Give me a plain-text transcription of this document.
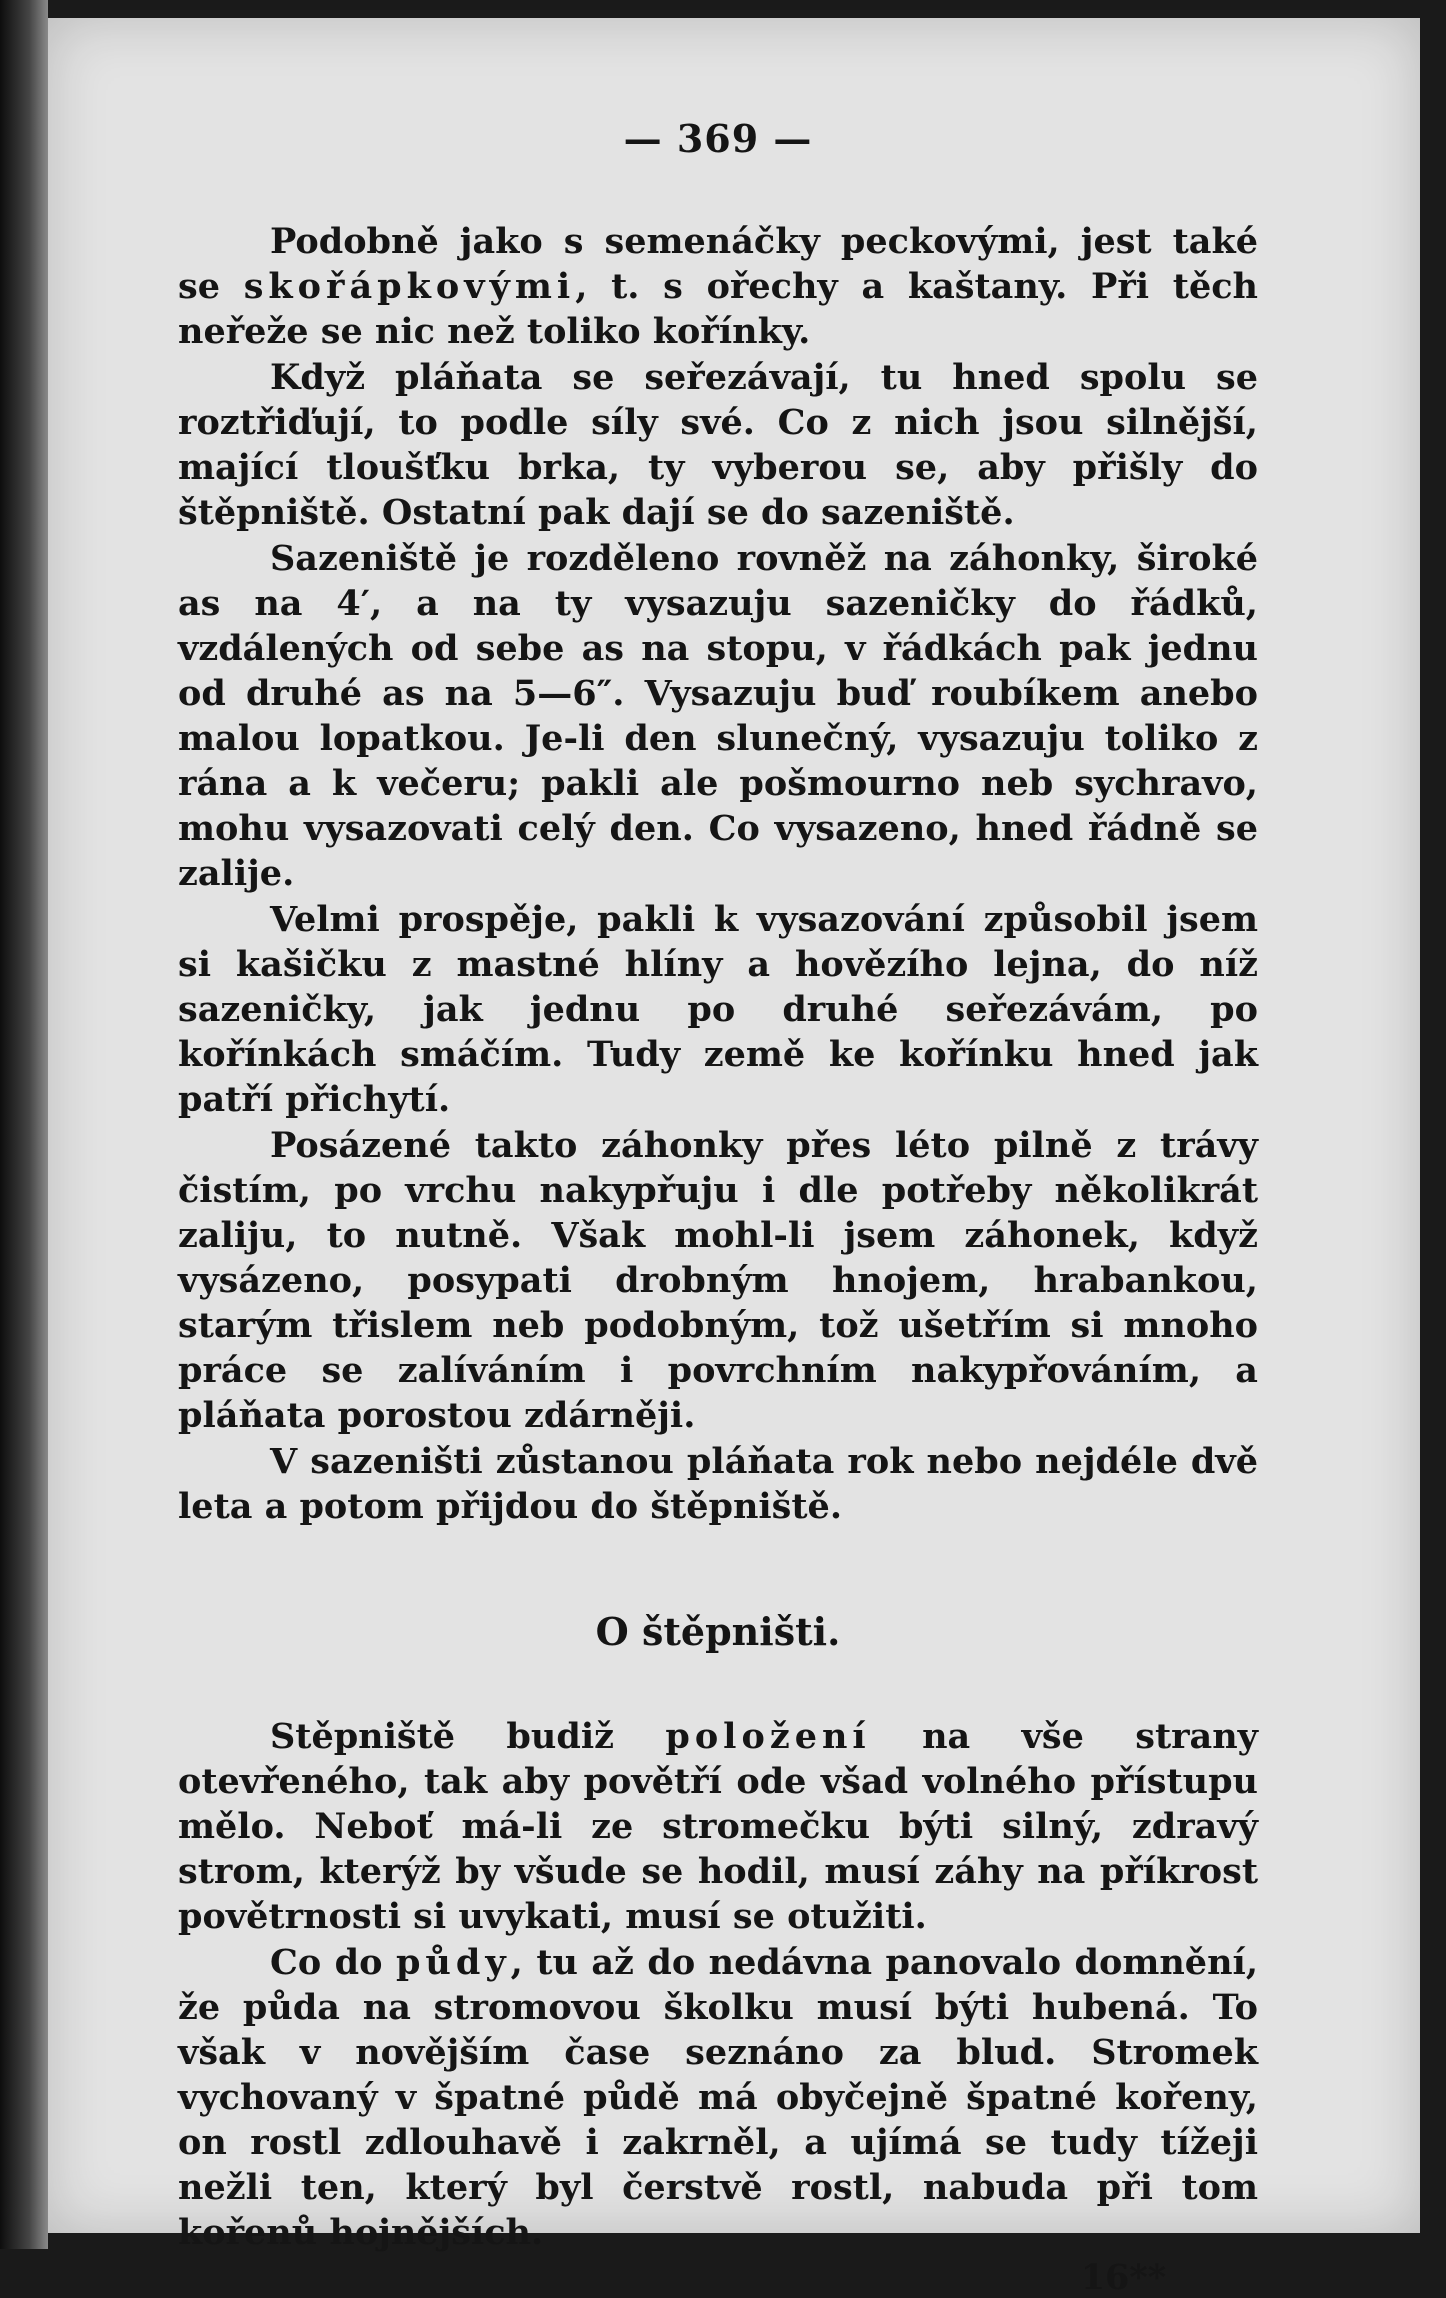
— 369 —

Podobně jako s semenáčky peckovými, jest také se skořápkovými, t. s ořechy a kaštany. Při těch neřeže se nic než toliko kořínky.

Když pláňata se seřezávají, tu hned spolu se roztřiďují, to podle síly své. Co z nich jsou silnější, mající tloušťku brka, ty vyberou se, aby přišly do štěpniště. Ostatní pak dají se do sazeniště.

Sazeniště je rozděleno rovněž na záhonky, široké as na 4′, a na ty vysazuju sazeničky do řádků, vzdálených od sebe as na stopu, v řádkách pak jednu od druhé as na 5—6″. Vysazuju buď roubíkem anebo malou lopatkou. Je-li den slunečný, vysazuju toliko z rána a k večeru; pakli ale pošmourno neb sychravo, mohu vysazovati celý den. Co vysazeno, hned řádně se zalije.

Velmi prospěje, pakli k vysazování způsobil jsem si kašičku z mastné hlíny a hovězího lejna, do níž sazeničky, jak jednu po druhé seřezávám, po kořínkách smáčím. Tudy země ke kořínku hned jak patří přichytí.

Posázené takto záhonky přes léto pilně z trávy čistím, po vrchu nakypřuju i dle potřeby několikrát zaliju, to nutně. Však mohl-li jsem záhonek, když vysázeno, posypati drobným hnojem, hrabankou, starým třislem neb podobným, tož ušetřím si mnoho práce se zalíváním i povrchním nakypřováním, a pláňata porostou zdárněji.

V sazeništi zůstanou pláňata rok nebo nejdéle dvě leta a potom přijdou do štěpniště.

O štěpništi.

Stěpniště budiž položení na vše strany otevřeného, tak aby povětří ode všad volného přístupu mělo. Neboť má-li ze stromečku býti silný, zdravý strom, kterýž by všude se hodil, musí záhy na příkrost povětrnosti si uvykati, musí se otužiti.

Co do půdy, tu až do nedávna panovalo domnění, že půda na stromovou školku musí býti hubená. To však v novějším čase seznáno za blud. Stromek vychovaný v špatné půdě má obyčejně špatné kořeny, on rostl zdlouhavě i zakrněl, a ujímá se tudy tížeji nežli ten, který byl čerstvě rostl, nabuda při tom kořenů hojnějších.

16**
